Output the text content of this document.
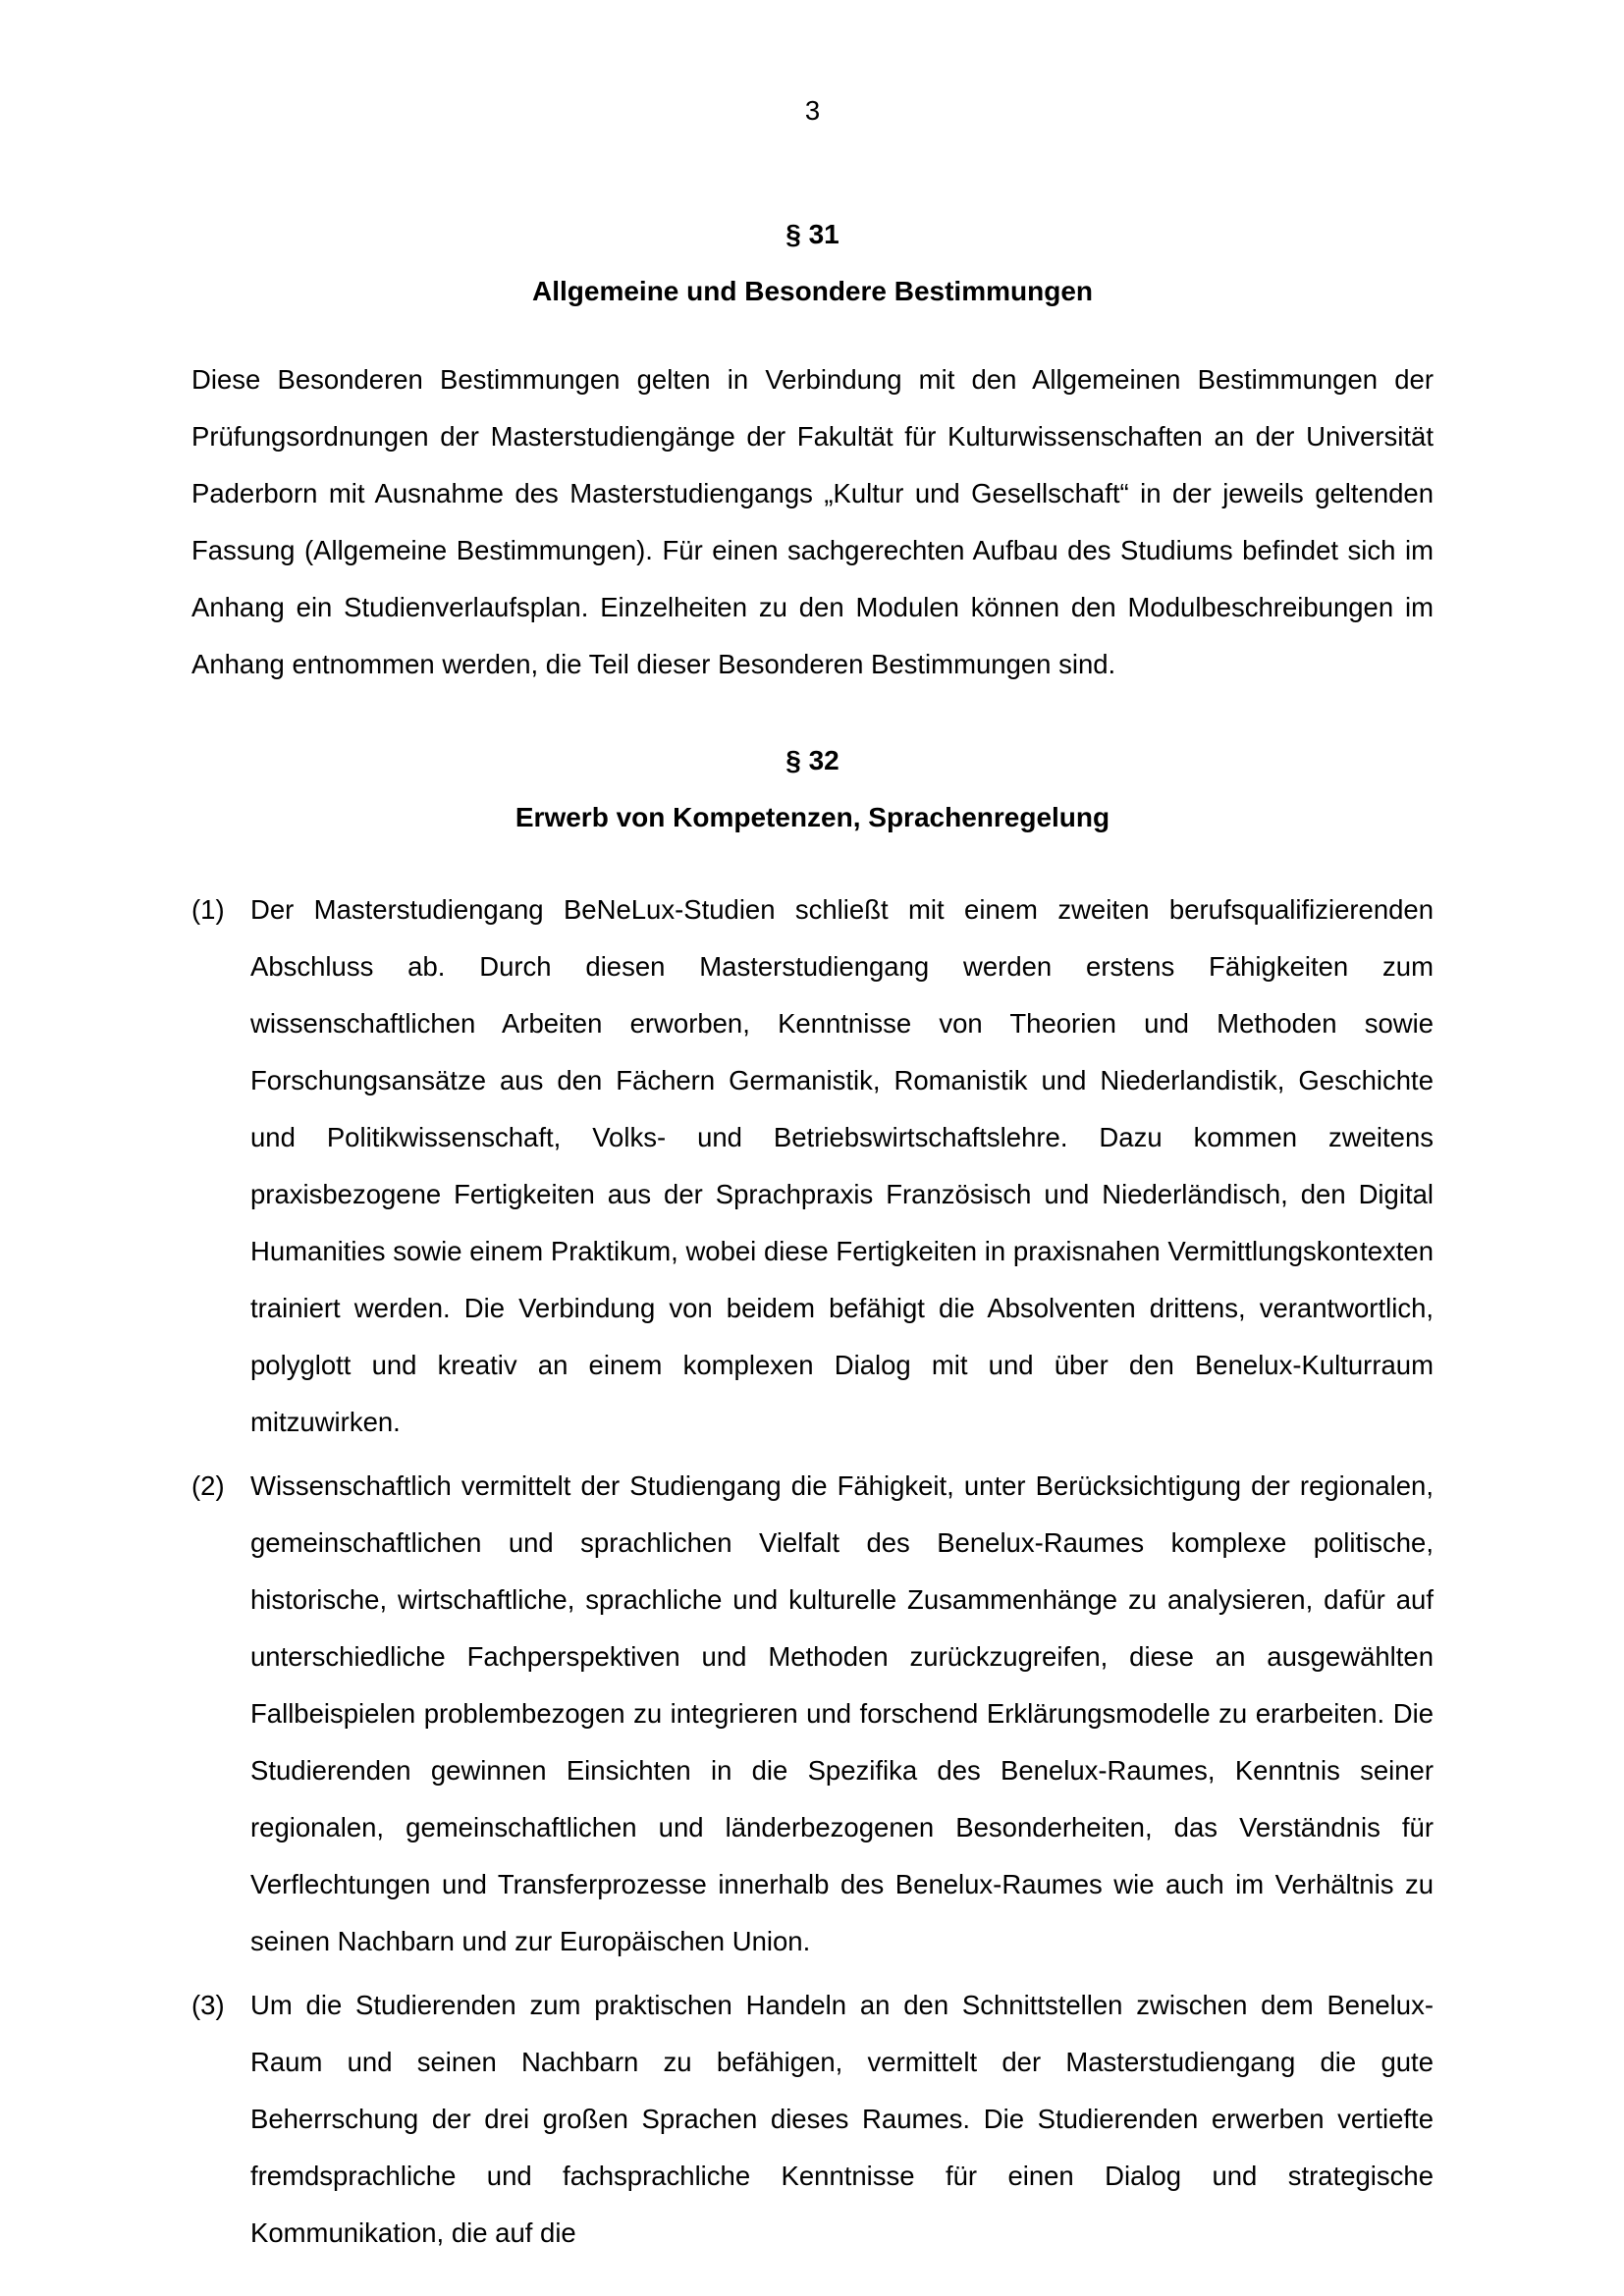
3
§ 31
Allgemeine und Besondere Bestimmungen

Diese Besonderen Bestimmungen gelten in Verbindung mit den Allgemeinen Bestimmungen der Prüfungsordnungen der Masterstudiengänge der Fakultät für Kulturwissenschaften an der Universität Paderborn mit Ausnahme des Masterstudiengangs „Kultur und Gesellschaft“ in der jeweils geltenden Fassung (Allgemeine Bestimmungen). Für einen sachgerechten Aufbau des Studiums befindet sich im Anhang ein Studienverlaufsplan. Einzelheiten zu den Modulen können den Modulbeschreibungen im Anhang entnommen werden, die Teil dieser Besonderen Bestimmungen sind.

§ 32
Erwerb von Kompetenzen, Sprachenregelung
(1) Der Masterstudiengang BeNeLux-Studien schließt mit einem zweiten berufsqualifizierenden Abschluss ab. Durch diesen Masterstudiengang werden erstens Fähigkeiten zum wissenschaftlichen Arbeiten erworben, Kenntnisse von Theorien und Methoden sowie Forschungsansätze aus den Fächern Germanistik, Romanistik und Niederlandistik, Geschichte und Politikwissenschaft, Volks- und Betriebswirtschaftslehre. Dazu kommen zweitens praxisbezogene Fertigkeiten aus der Sprachpraxis Französisch und Niederländisch, den Digital Humanities sowie einem Praktikum, wobei diese Fertigkeiten in praxisnahen Vermittlungskontexten trainiert werden. Die Verbindung von beidem befähigt die Absolventen drittens, verantwortlich, polyglott und kreativ an einem komplexen Dialog mit und über den Benelux-Kulturraum mitzuwirken.

(2) Wissenschaftlich vermittelt der Studiengang die Fähigkeit, unter Berücksichtigung der regionalen, gemeinschaftlichen und sprachlichen Vielfalt des Benelux-Raumes komplexe politische, historische, wirtschaftliche, sprachliche und kulturelle Zusammenhänge zu analysieren, dafür auf unterschiedliche Fachperspektiven und Methoden zurückzugreifen, diese an ausgewählten Fallbeispielen problembezogen zu integrieren und forschend Erklärungsmodelle zu erarbeiten. Die Studierenden gewinnen Einsichten in die Spezifika des Benelux-Raumes, Kenntnis seiner regionalen, gemeinschaftlichen und länderbezogenen Besonderheiten, das Verständnis für Verflechtungen und Transferprozesse innerhalb des Benelux-Raumes wie auch im Verhältnis zu seinen Nachbarn und zur Europäischen Union.

(3) Um die Studierenden zum praktischen Handeln an den Schnittstellen zwischen dem Benelux-Raum und seinen Nachbarn zu befähigen, vermittelt der Masterstudiengang die gute Beherrschung der drei großen Sprachen dieses Raumes. Die Studierenden erwerben vertiefte fremdsprachliche und fachsprachliche Kenntnisse für einen Dialog und strategische Kommunikation, die auf die
